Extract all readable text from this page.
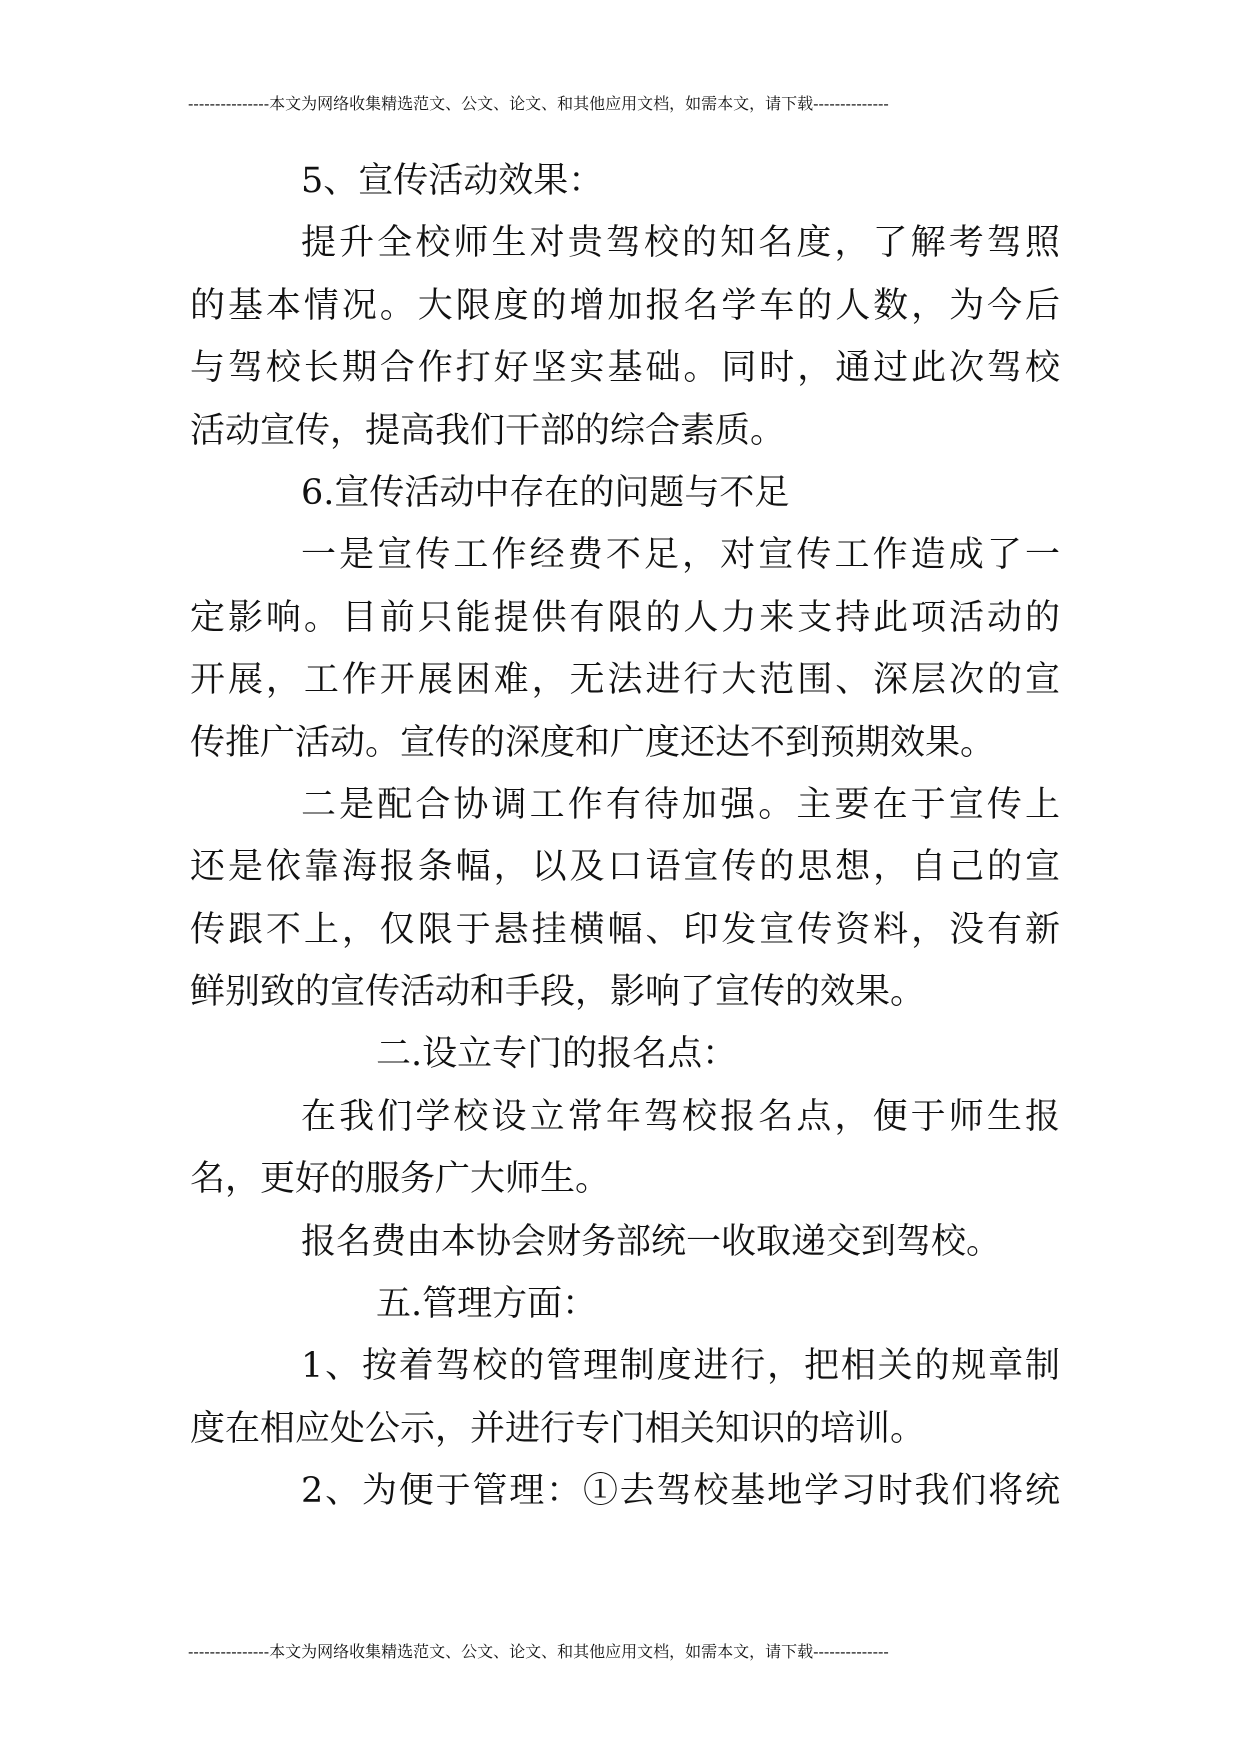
---------------本文为网络收集精选范文、公文、论文、和其他应用文档，如需本文，请下载--------------
5、宣传活动效果：
提升全校师生对贵驾校的知名度，了解考驾照
的基本情况。大限度的增加报名学车的人数，为今后
与驾校长期合作打好坚实基础。同时，通过此次驾校
活动宣传，提高我们干部的综合素质。
6.宣传活动中存在的问题与不足
一是宣传工作经费不足，对宣传工作造成了一
定影响。目前只能提供有限的人力来支持此项活动的
开展，工作开展困难，无法进行大范围、深层次的宣
传推广活动。宣传的深度和广度还达不到预期效果。
二是配合协调工作有待加强。主要在于宣传上
还是依靠海报条幅，以及口语宣传的思想，自己的宣
传跟不上，仅限于悬挂横幅、印发宣传资料，没有新
鲜别致的宣传活动和手段，影响了宣传的效果。
二.设立专门的报名点：
在我们学校设立常年驾校报名点，便于师生报
名，更好的服务广大师生。
报名费由本协会财务部统一收取递交到驾校。
五.管理方面：
1、按着驾校的管理制度进行，把相关的规章制
度在相应处公示，并进行专门相关知识的培训。
2、为便于管理：①去驾校基地学习时我们将统
---------------本文为网络收集精选范文、公文、论文、和其他应用文档，如需本文，请下载--------------
